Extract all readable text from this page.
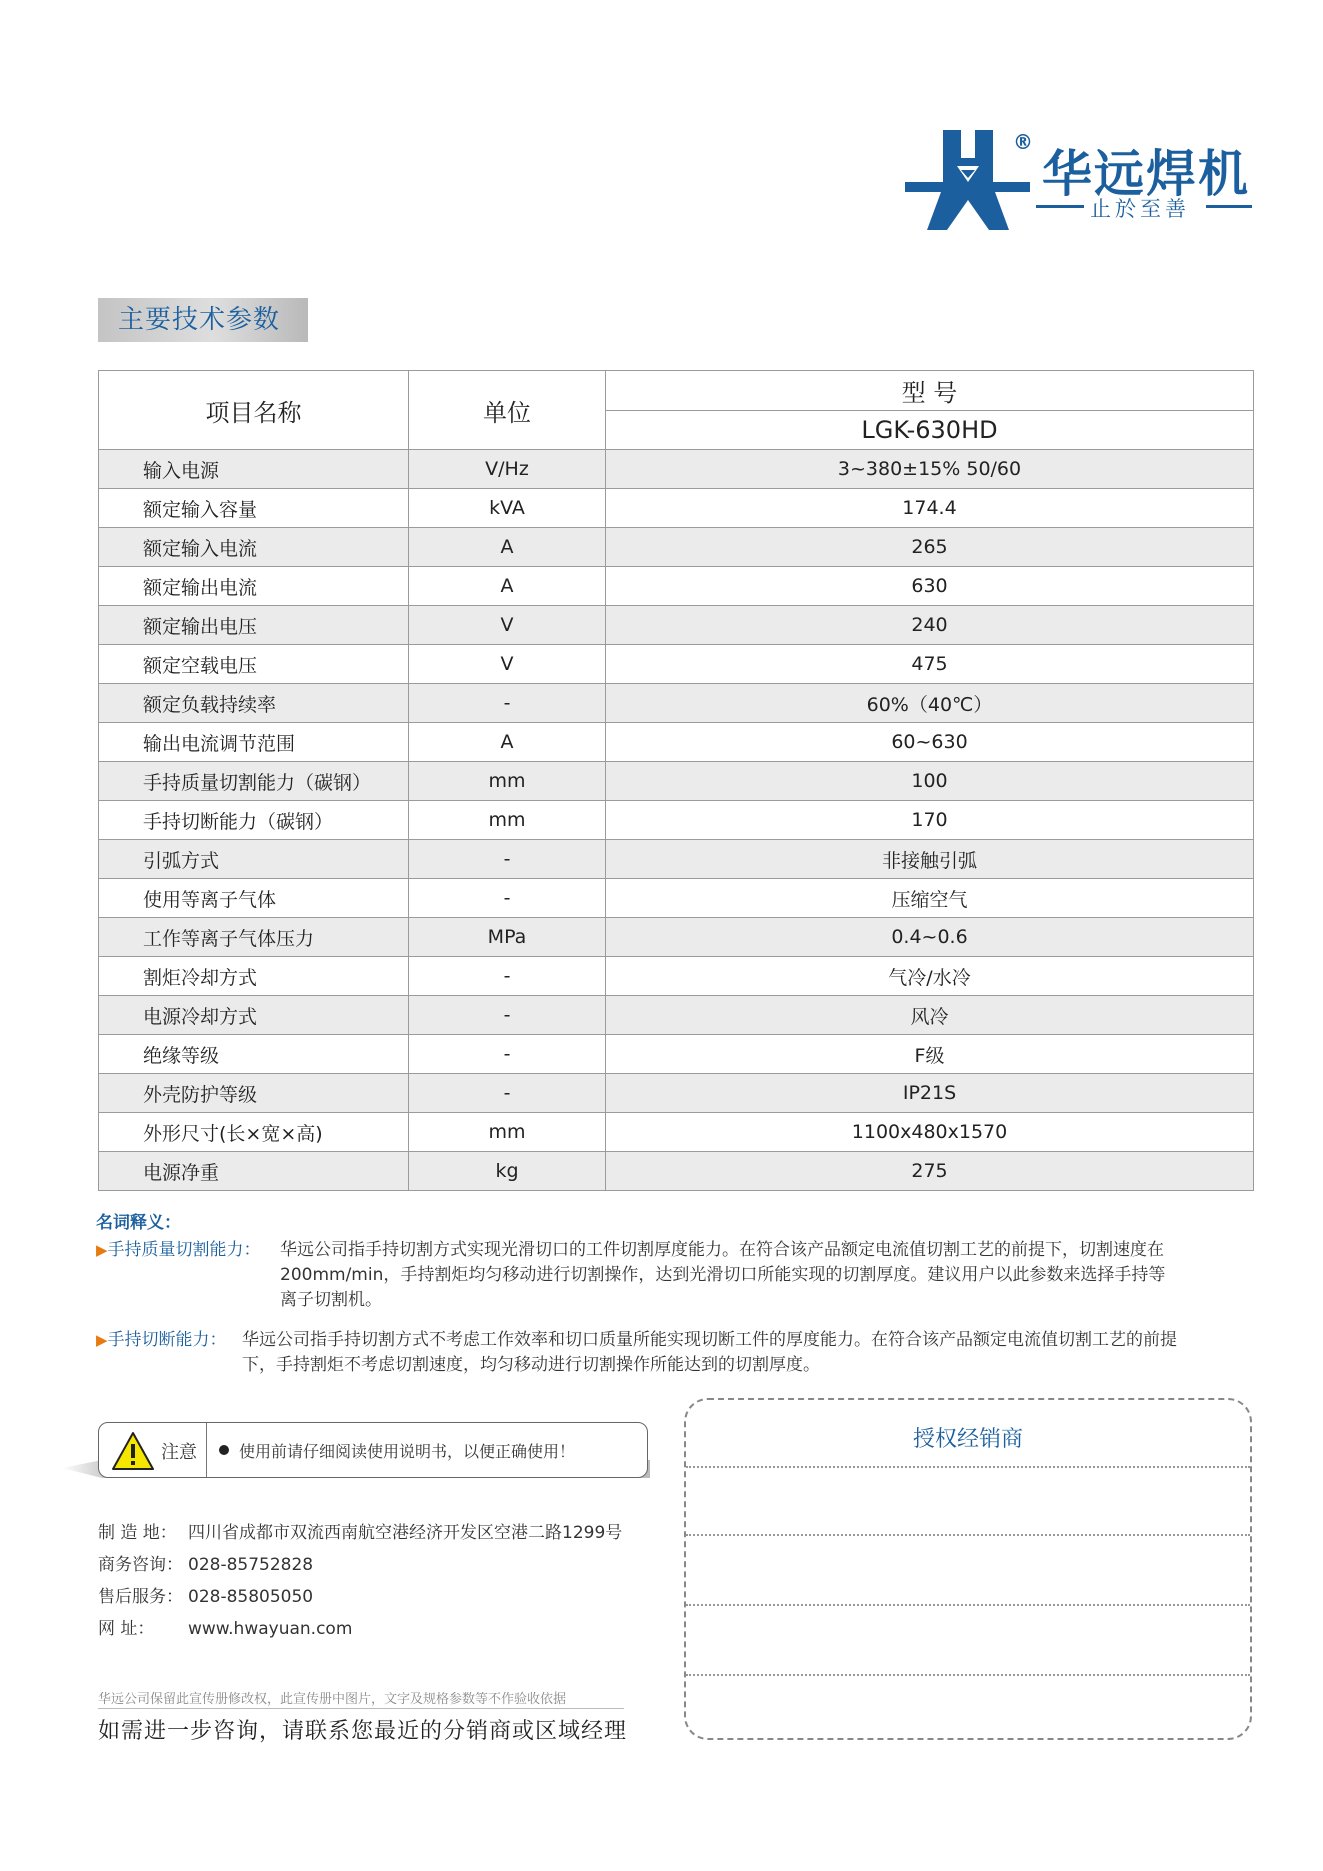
®
华远焊机
止於至善
主要技术参数
项目名称	单位	型 号
		LGK-630HD
输入电源	V/Hz	3~380±15% 50/60
额定输入容量	kVA	174.4
额定输入电流	A	265
额定输出电流	A	630
额定输出电压	V	240
额定空载电压	V	475
额定负载持续率	-	60%（40℃）
输出电流调节范围	A	60~630
手持质量切割能力（碳钢）	mm	100
手持切断能力（碳钢）	mm	170
引弧方式	-	非接触引弧
使用等离子气体	-	压缩空气
工作等离子气体压力	MPa	0.4~0.6
割炬冷却方式	-	气冷/水冷
电源冷却方式	-	风冷
绝缘等级	-	F级
外壳防护等级	-	IP21S
外形尺寸(长×宽×高)	mm	1100x480x1570
电源净重	kg	275
名词释义：
▶手持质量切割能力： 华远公司指手持切割方式实现光滑切口的工件切割厚度能力。在符合该产品额定电流值切割工艺的前提下，切割速度在
200mm/min，手持割炬均匀移动进行切割操作，达到光滑切口所能实现的切割厚度。建议用户以此参数来选择手持等
离子切割机。
▶手持切断能力： 华远公司指手持切割方式不考虑工作效率和切口质量所能实现切断工件的厚度能力。在符合该产品额定电流值切割工艺的前提
下，手持割炬不考虑切割速度，均匀移动进行切割操作所能达到的切割厚度。
注意	使用前请仔细阅读使用说明书，以便正确使用！
制 造 地： 四川省成都市双流西南航空港经济开发区空港二路1299号
商务咨询： 028-85752828
售后服务： 028-85805050
网 址： www.hwayuan.com
华远公司保留此宣传册修改权，此宣传册中图片，文字及规格参数等不作验收依据
如需进一步咨询，请联系您最近的分销商或区域经理
授权经销商
